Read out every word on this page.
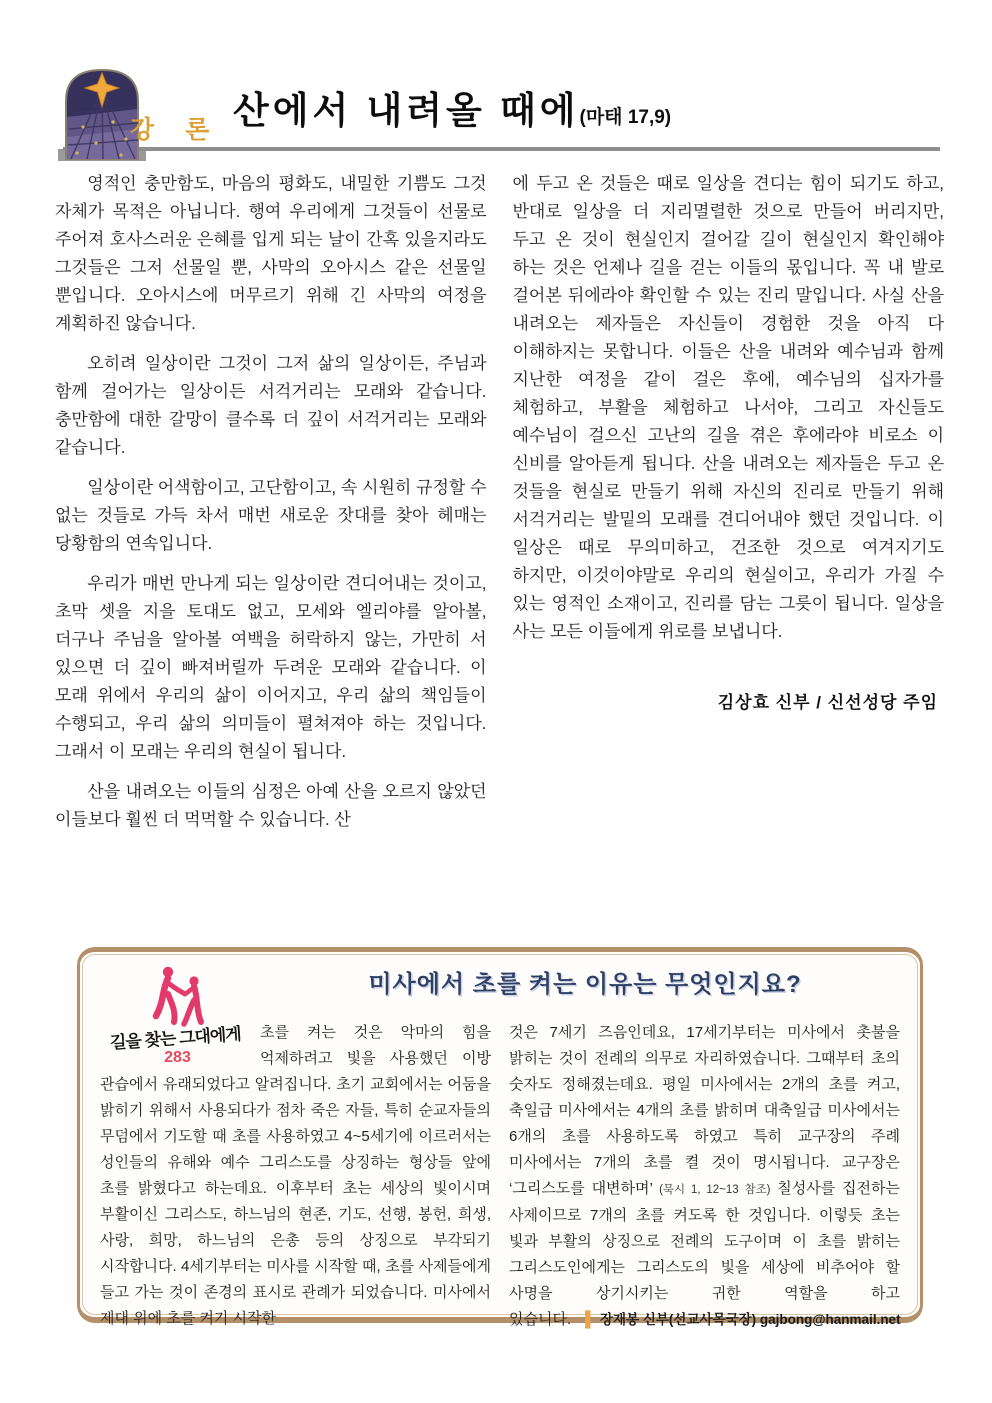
강 론 산에서 내려올 때에(마태 17,9)

영적인 충만함도, 마음의 평화도, 내밀한 기쁨도 그것 자체가 목적은 아닙니다. 행여 우리에게 그것들이 선물로 주어져 호사스러운 은혜를 입게 되는 날이 간혹 있을지라도 그것들은 그저 선물일 뿐, 사막의 오아시스 같은 선물일 뿐입니다. 오아시스에 머무르기 위해 긴 사막의 여정을 계획하진 않습니다.

오히려 일상이란 그것이 그저 삶의 일상이든, 주님과 함께 걸어가는 일상이든 서걱거리는 모래와 같습니다. 충만함에 대한 갈망이 클수록 더 깊이 서걱거리는 모래와 같습니다.

일상이란 어색함이고, 고단함이고, 속 시원히 규정할 수 없는 것들로 가득 차서 매번 새로운 잣대를 찾아 헤매는 당황함의 연속입니다.

우리가 매번 만나게 되는 일상이란 견디어내는 것이고, 초막 셋을 지을 토대도 없고, 모세와 엘리야를 알아볼, 더구나 주님을 알아볼 여백을 허락하지 않는, 가만히 서 있으면 더 깊이 빠져버릴까 두려운 모래와 같습니다. 이 모래 위에서 우리의 삶이 이어지고, 우리 삶의 책임들이 수행되고, 우리 삶의 의미들이 펼쳐져야 하는 것입니다. 그래서 이 모래는 우리의 현실이 됩니다.

산을 내려오는 이들의 심정은 아예 산을 오르지 않았던 이들보다 훨씬 더 먹먹할 수 있습니다. 산

에 두고 온 것들은 때로 일상을 견디는 힘이 되기도 하고, 반대로 일상을 더 지리멸렬한 것으로 만들어 버리지만, 두고 온 것이 현실인지 걸어갈 길이 현실인지 확인해야 하는 것은 언제나 길을 걷는 이들의 몫입니다. 꼭 내 발로 걸어본 뒤에라야 확인할 수 있는 진리 말입니다. 사실 산을 내려오는 제자들은 자신들이 경험한 것을 아직 다 이해하지는 못합니다. 이들은 산을 내려와 예수님과 함께 지난한 여정을 같이 걸은 후에, 예수님의 십자가를 체험하고, 부활을 체험하고 나서야, 그리고 자신들도 예수님이 걸으신 고난의 길을 겪은 후에라야 비로소 이 신비를 알아듣게 됩니다. 산을 내려오는 제자들은 두고 온 것들을 현실로 만들기 위해 자신의 진리로 만들기 위해 서걱거리는 발밑의 모래를 견디어내야 했던 것입니다. 이 일상은 때로 무의미하고, 건조한 것으로 여겨지기도 하지만, 이것이야말로 우리의 현실이고, 우리가 가질 수 있는 영적인 소재이고, 진리를 담는 그릇이 됩니다. 일상을 사는 모든 이들에게 위로를 보냅니다.

김상효 신부 / 신선성당 주임
길을 찾는 그대에게283
미사에서 초를 켜는 이유는 무엇인지요?
초를 켜는 것은 악마의 힘을 억제하려고 빛을 사용했던 이방 관습에서 유래되었다고 알려집니다. 초기 교회에서는 어둠을 밝히기 위해서 사용되다가 점차 죽은 자들, 특히 순교자들의 무덤에서 기도할 때 초를 사용하였고 4~5세기에 이르러서는 성인들의 유해와 예수 그리스도를 상징하는 형상들 앞에 초를 밝혔다고 하는데요. 이후부터 초는 세상의 빛이시며 부활이신 그리스도, 하느님의 현존, 기도, 선행, 봉헌, 희생, 사랑, 희망, 하느님의 은총 등의 상징으로 부각되기 시작합니다. 4세기부터는 미사를 시작할 때, 초를 사제들에게 들고 가는 것이 존경의 표시로 관례가 되었습니다. 미사에서 제대 위에 초를 켜기 시작한
것은 7세기 즈음인데요, 17세기부터는 미사에서 촛불을 밝히는 것이 전례의 의무로 자리하였습니다. 그때부터 초의 숫자도 정해졌는데요. 평일 미사에서는 2개의 초를 켜고, 축일급 미사에서는 4개의 초를 밝히며 대축일급 미사에서는 6개의 초를 사용하도록 하였고 특히 교구장의 주례 미사에서는 7개의 초를 켤 것이 명시됩니다. 교구장은 ‘그리스도를 대변하며’ (묵시 1, 12~13 참조) 칠성사를 집전하는 사제이므로 7개의 초를 켜도록 한 것입니다. 이렇듯 초는 빛과 부활의 상징으로 전례의 도구이며 이 초를 밝히는 그리스도인에게는 그리스도의 빛을 세상에 비추어야 할 사명을 상기시키는 귀한 역할을 하고 있습니다. ▌ 장재봉 신부(선교사목국장) gajbong@hanmail.net
